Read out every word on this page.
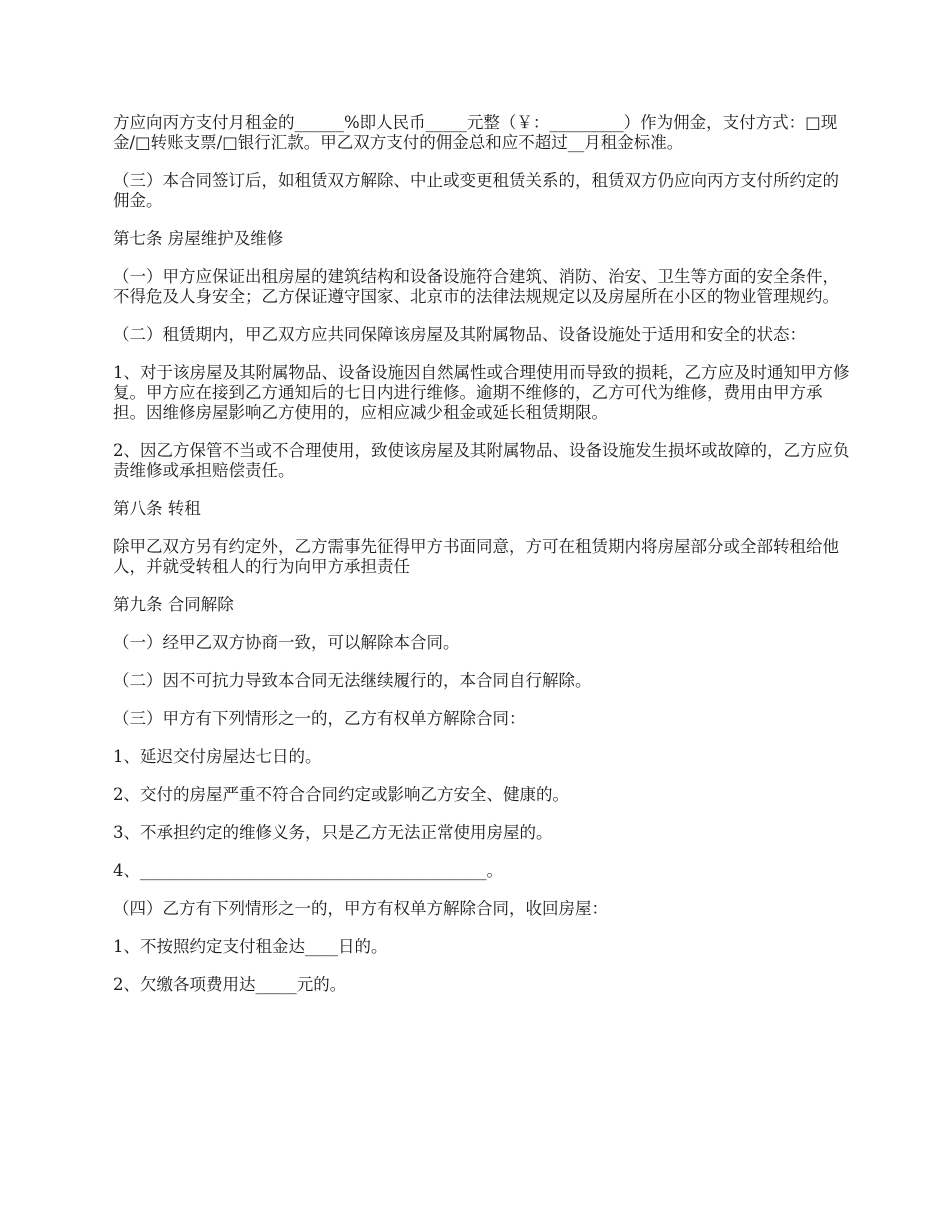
方应向丙方支付月租金的______%即人民币_____元整（￥：_________）作为佣金，支付方式：□现金/□转账支票/□银行汇款。甲乙双方支付的佣金总和应不超过__月租金标准。

（三）本合同签订后，如租赁双方解除、中止或变更租赁关系的，租赁双方仍应向丙方支付所约定的佣金。

第七条 房屋维护及维修

（一）甲方应保证出租房屋的建筑结构和设备设施符合建筑、消防、治安、卫生等方面的安全条件，不得危及人身安全；乙方保证遵守国家、北京市的法律法规规定以及房屋所在小区的物业管理规约。

（二）租赁期内，甲乙双方应共同保障该房屋及其附属物品、设备设施处于适用和安全的状态：

1、对于该房屋及其附属物品、设备设施因自然属性或合理使用而导致的损耗，乙方应及时通知甲方修复。甲方应在接到乙方通知后的七日内进行维修。逾期不维修的，乙方可代为维修，费用由甲方承担。因维修房屋影响乙方使用的，应相应减少租金或延长租赁期限。

2、因乙方保管不当或不合理使用，致使该房屋及其附属物品、设备设施发生损坏或故障的，乙方应负责维修或承担赔偿责任。

第八条 转租

除甲乙双方另有约定外，乙方需事先征得甲方书面同意，方可在租赁期内将房屋部分或全部转租给他人，并就受转租人的行为向甲方承担责任

第九条 合同解除

（一）经甲乙双方协商一致，可以解除本合同。

（二）因不可抗力导致本合同无法继续履行的，本合同自行解除。

（三）甲方有下列情形之一的，乙方有权单方解除合同：

1、延迟交付房屋达七日的。

2、交付的房屋严重不符合合同约定或影响乙方安全、健康的。

3、不承担约定的维修义务，只是乙方无法正常使用房屋的。

4、__________________________________________。

（四）乙方有下列情形之一的，甲方有权单方解除合同，收回房屋：

1、不按照约定支付租金达____日的。

2、欠缴各项费用达_____元的。
